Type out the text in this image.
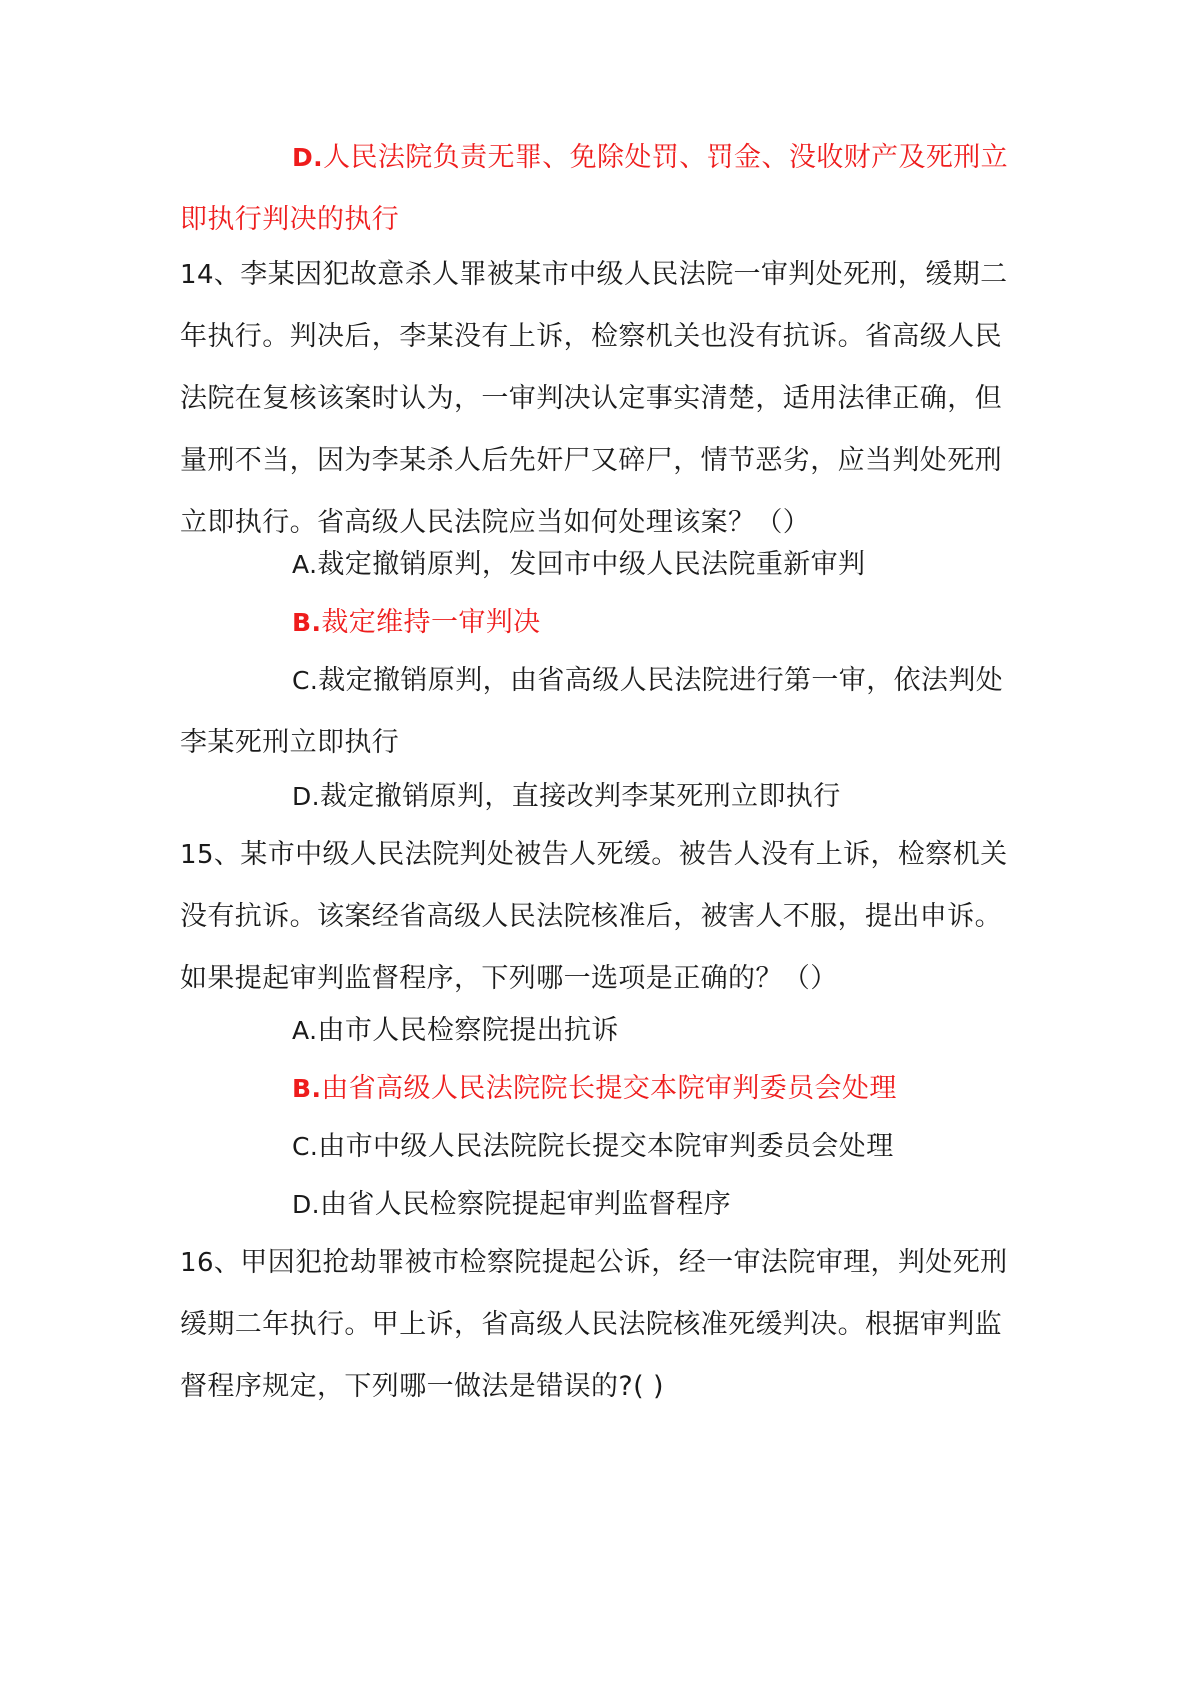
D.人民法院负责无罪、免除处罚、罚金、没收财产及死刑立即执行判决的执行

14、李某因犯故意杀人罪被某市中级人民法院一审判处死刑，缓期二年执行。判决后，李某没有上诉，检察机关也没有抗诉。省高级人民法院在复核该案时认为，一审判决认定事实清楚，适用法律正确，但量刑不当，因为李某杀人后先奸尸又碎尸，情节恶劣，应当判处死刑立即执行。省高级人民法院应当如何处理该案？（）

A.裁定撤销原判，发回市中级人民法院重新审判

B.裁定维持一审判决

C.裁定撤销原判，由省高级人民法院进行第一审，依法判处李某死刑立即执行

D.裁定撤销原判，直接改判李某死刑立即执行

15、某市中级人民法院判处被告人死缓。被告人没有上诉，检察机关没有抗诉。该案经省高级人民法院核准后，被害人不服，提出申诉。如果提起审判监督程序，下列哪一选项是正确的？（）

A.由市人民检察院提出抗诉

B.由省高级人民法院院长提交本院审判委员会处理

C.由市中级人民法院院长提交本院审判委员会处理

D.由省人民检察院提起审判监督程序

16、甲因犯抢劫罪被市检察院提起公诉，经一审法院审理，判处死刑缓期二年执行。甲上诉，省高级人民法院核准死缓判决。根据审判监督程序规定，下列哪一做法是错误的?( )
